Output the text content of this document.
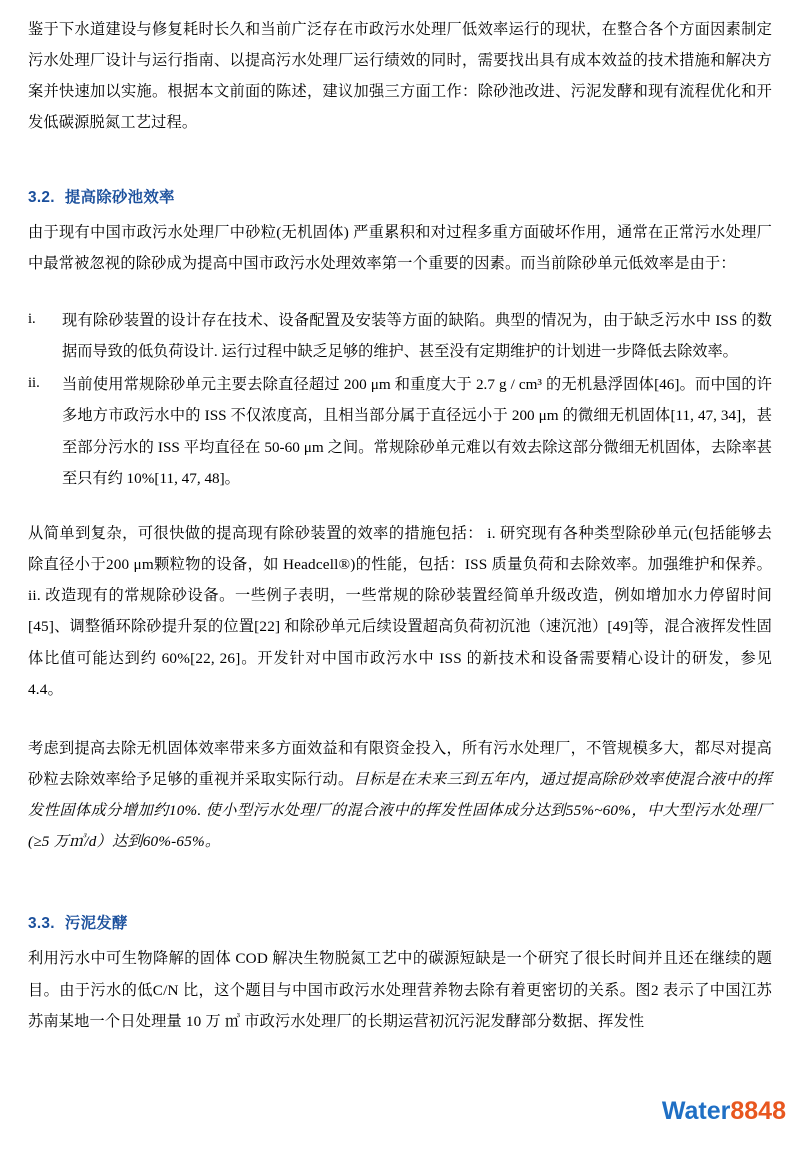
鉴于下水道建设与修复耗时长久和当前广泛存在市政污水处理厂低效率运行的现状，在整合各个方面因素制定污水处理厂设计与运行指南、以提高污水处理厂运行绩效的同时，需要找出具有成本效益的技术措施和解决方案并快速加以实施。根据本文前面的陈述，建议加强三方面工作：除砂池改进、污泥发酵和现有流程优化和开发低碳源脱氮工艺过程。

3.2. 提高除砂池效率

由于现有中国市政污水处理厂中砂粒(无机固体) 严重累积和对过程多重方面破坏作用，通常在正常污水处理厂中最常被忽视的除砂成为提高中国市政污水处理效率第一个重要的因素。而当前除砂单元低效率是由于：

i.	现有除砂装置的设计存在技术、设备配置及安装等方面的缺陷。典型的情况为，由于缺乏污水中 ISS 的数据而导致的低负荷设计. 运行过程中缺乏足够的维护、甚至没有定期维护的计划进一步降低去除效率。
ii.	当前使用常规除砂单元主要去除直径超过 200 μm 和重度大于 2.7 g / cm³ 的无机悬浮固体[46]。而中国的许多地方市政污水中的 ISS 不仅浓度高，且相当部分属于直径远小于 200 μm 的微细无机固体[11, 47, 34]，甚至部分污水的 ISS 平均直径在 50-60 μm 之间。常规除砂单元难以有效去除这部分微细无机固体，去除率甚至只有约 10%[11, 47, 48]。

从简单到复杂，可很快做的提高现有除砂装置的效率的措施包括： i. 研究现有各种类型除砂单元(包括能够去除直径小于200 μm颗粒物的设备，如 Headcell®)的性能，包括：ISS 质量负荷和去除效率。加强维护和保养。ii. 改造现有的常规除砂设备。一些例子表明，一些常规的除砂装置经简单升级改造，例如增加水力停留时间[45]、调整循环除砂提升泵的位置[22] 和除砂单元后续设置超高负荷初沉池（速沉池）[49]等，混合液挥发性固体比值可能达到约 60%[22, 26]。开发针对中国市政污水中 ISS 的新技术和设备需要精心设计的研发，参见 4.4。

考虑到提高去除无机固体效率带来多方面效益和有限资金投入，所有污水处理厂，不管规模多大，都尽对提高砂粒去除效率给予足够的重视并采取实际行动。目标是在未来三到五年内，通过提高除砂效率使混合液中的挥发性固体成分增加约10%. 使小型污水处理厂的混合液中的挥发性固体成分达到55%~60%，中大型污水处理厂(≥5 万㎥/d）达到60%-65%。

3.3. 污泥发酵

利用污水中可生物降解的固体 COD 解决生物脱氮工艺中的碳源短缺是一个研究了很长时间并且还在继续的题目。由于污水的低C/N 比，这个题目与中国市政污水处理营养物去除有着更密切的关系。图2 表示了中国江苏苏南某地一个日处理量 10 万 ㎥ 市政污水处理厂的长期运营初沉污泥发酵部分数据、挥发性

Water8848
